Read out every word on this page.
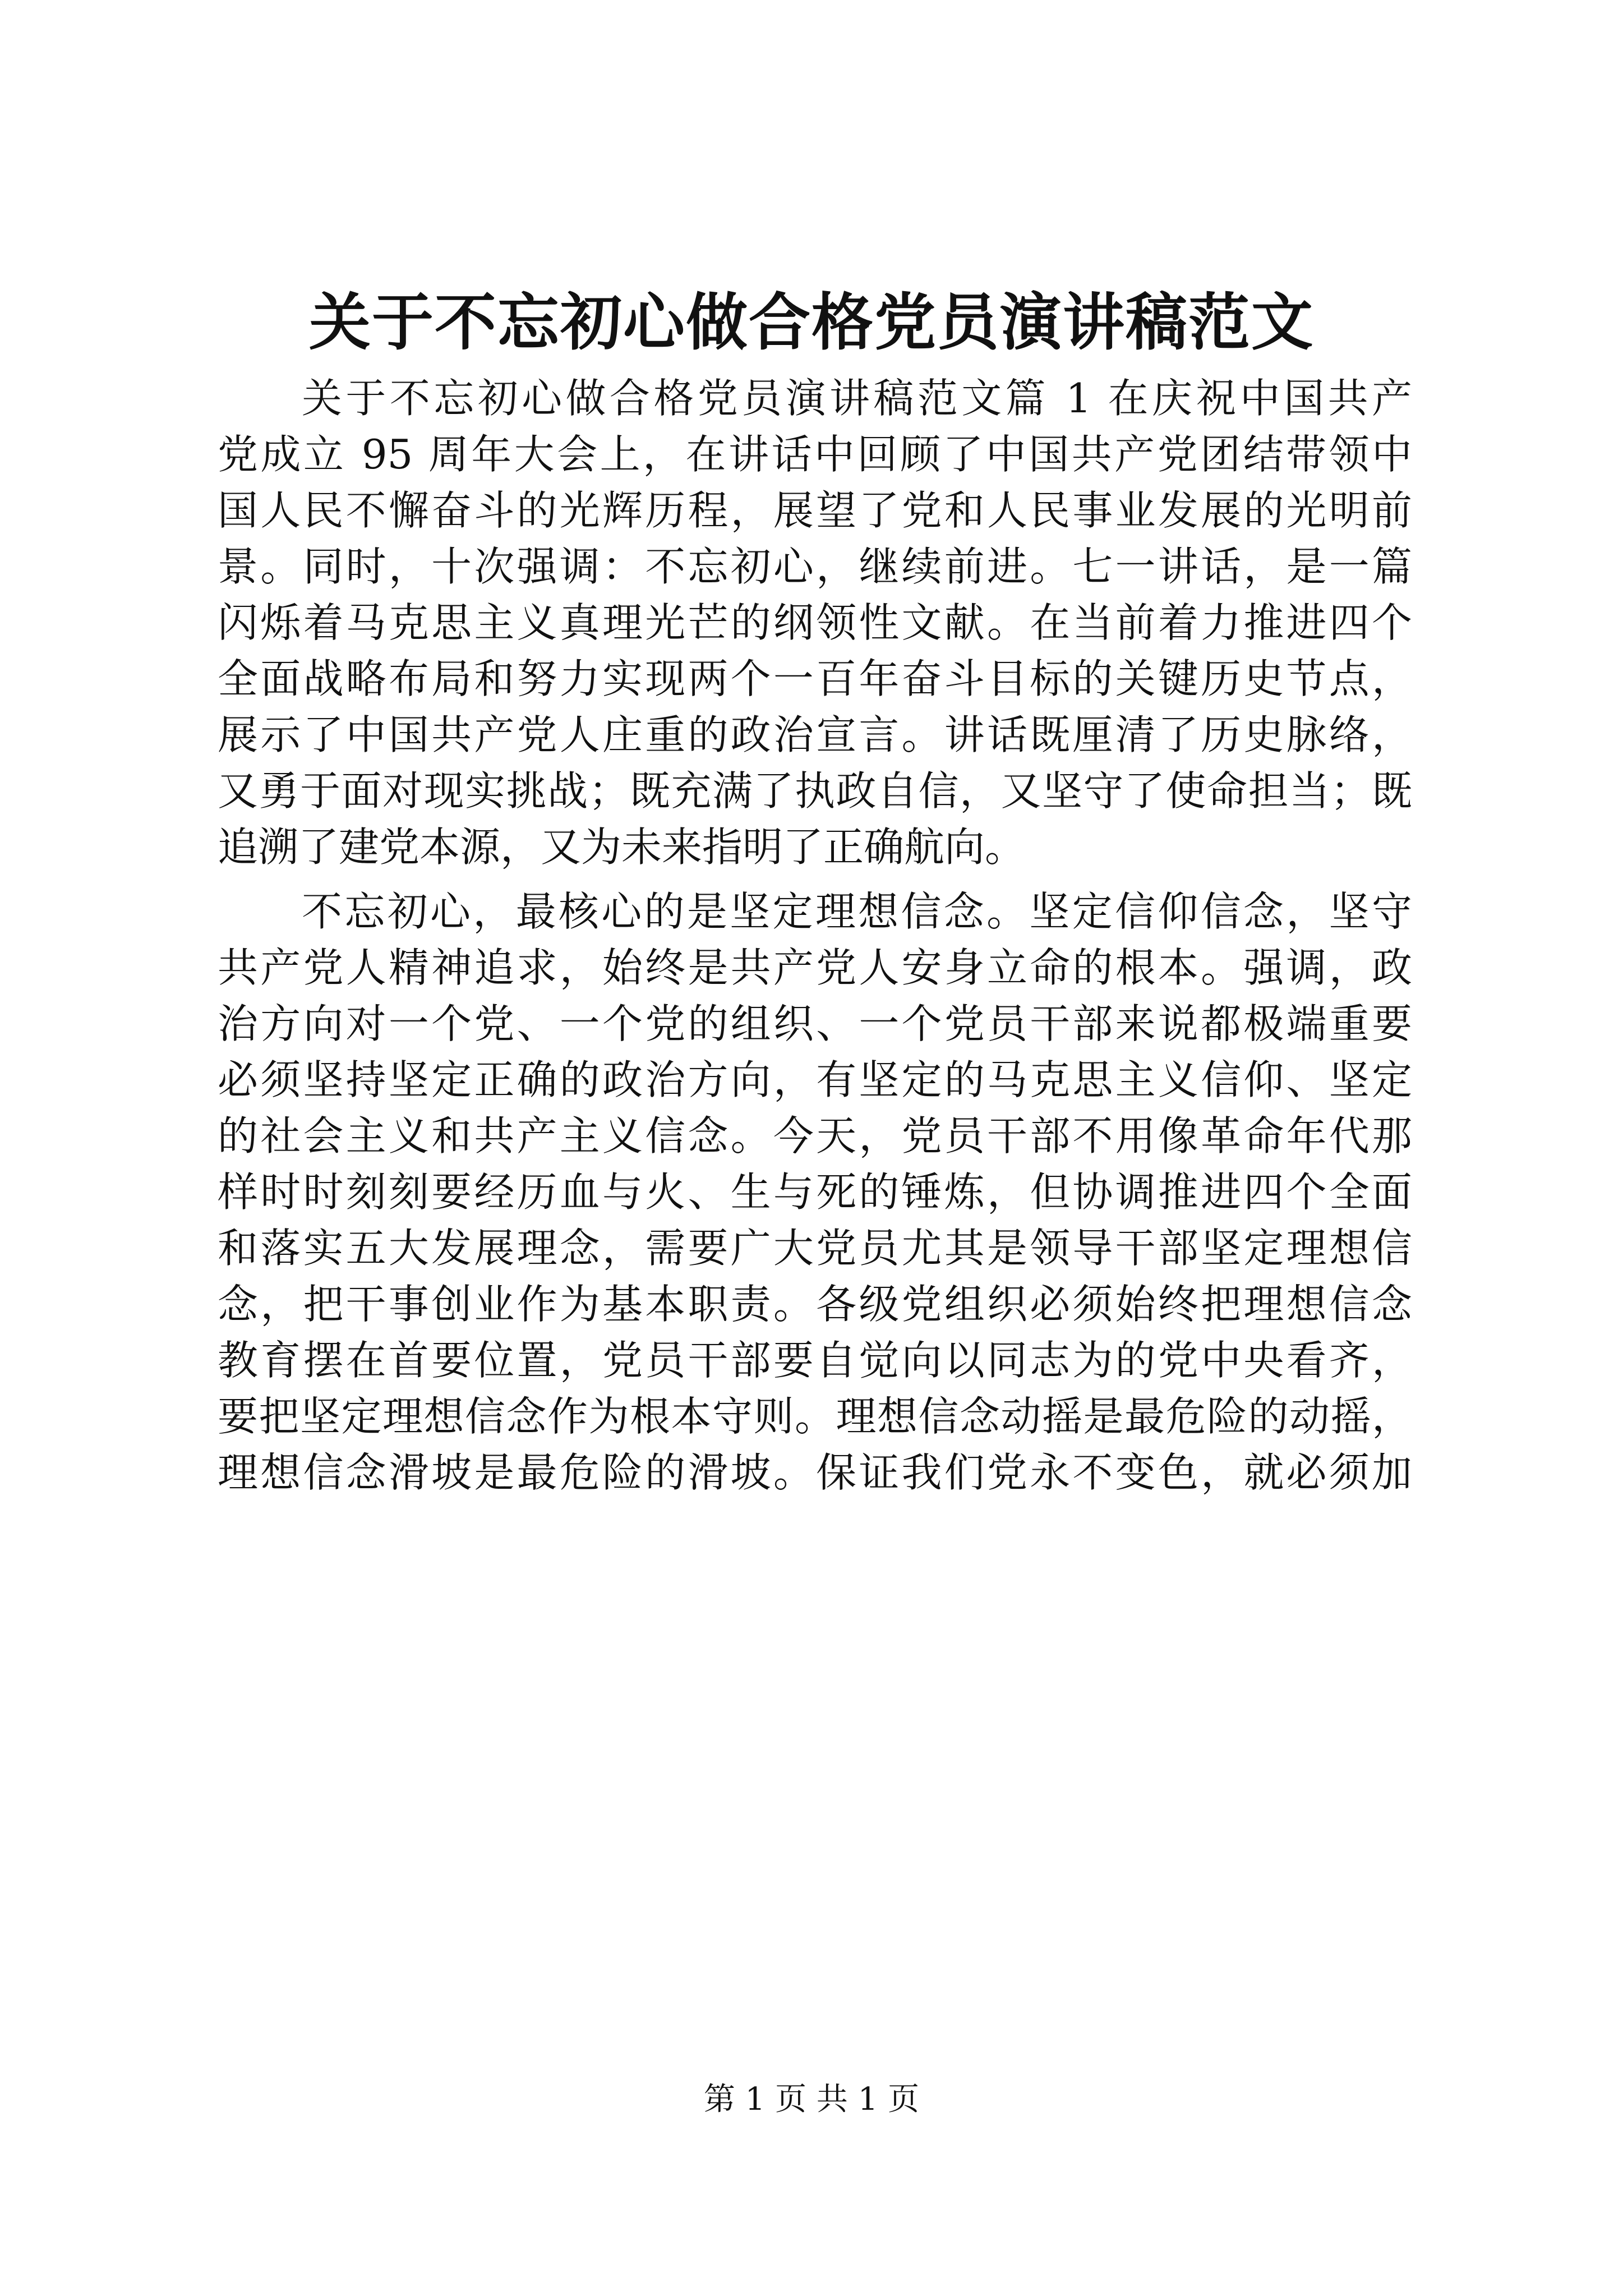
关于不忘初心做合格党员演讲稿范文
关于不忘初心做合格党员演讲稿范文篇 1 在庆祝中国共产
党成立 95 周年大会上，在讲话中回顾了中国共产党团结带领中
国人民不懈奋斗的光辉历程，展望了党和人民事业发展的光明前
景。同时，十次强调：不忘初心，继续前进。七一讲话，是一篇
闪烁着马克思主义真理光芒的纲领性文献。在当前着力推进四个
全面战略布局和努力实现两个一百年奋斗目标的关键历史节点，
展示了中国共产党人庄重的政治宣言。讲话既厘清了历史脉络，
又勇于面对现实挑战；既充满了执政自信，又坚守了使命担当；既
追溯了建党本源，又为未来指明了正确航向。
不忘初心，最核心的是坚定理想信念。坚定信仰信念，坚守
共产党人精神追求，始终是共产党人安身立命的根本。强调，政
治方向对一个党、一个党的组织、一个党员干部来说都极端重要
必须坚持坚定正确的政治方向，有坚定的马克思主义信仰、坚定
的社会主义和共产主义信念。今天，党员干部不用像革命年代那
样时时刻刻要经历血与火、生与死的锤炼，但协调推进四个全面
和落实五大发展理念，需要广大党员尤其是领导干部坚定理想信
念，把干事创业作为基本职责。各级党组织必须始终把理想信念
教育摆在首要位置，党员干部要自觉向以同志为的党中央看齐，
要把坚定理想信念作为根本守则。理想信念动摇是最危险的动摇，
理想信念滑坡是最危险的滑坡。保证我们党永不变色，就必须加

第 1 页 共 1 页
